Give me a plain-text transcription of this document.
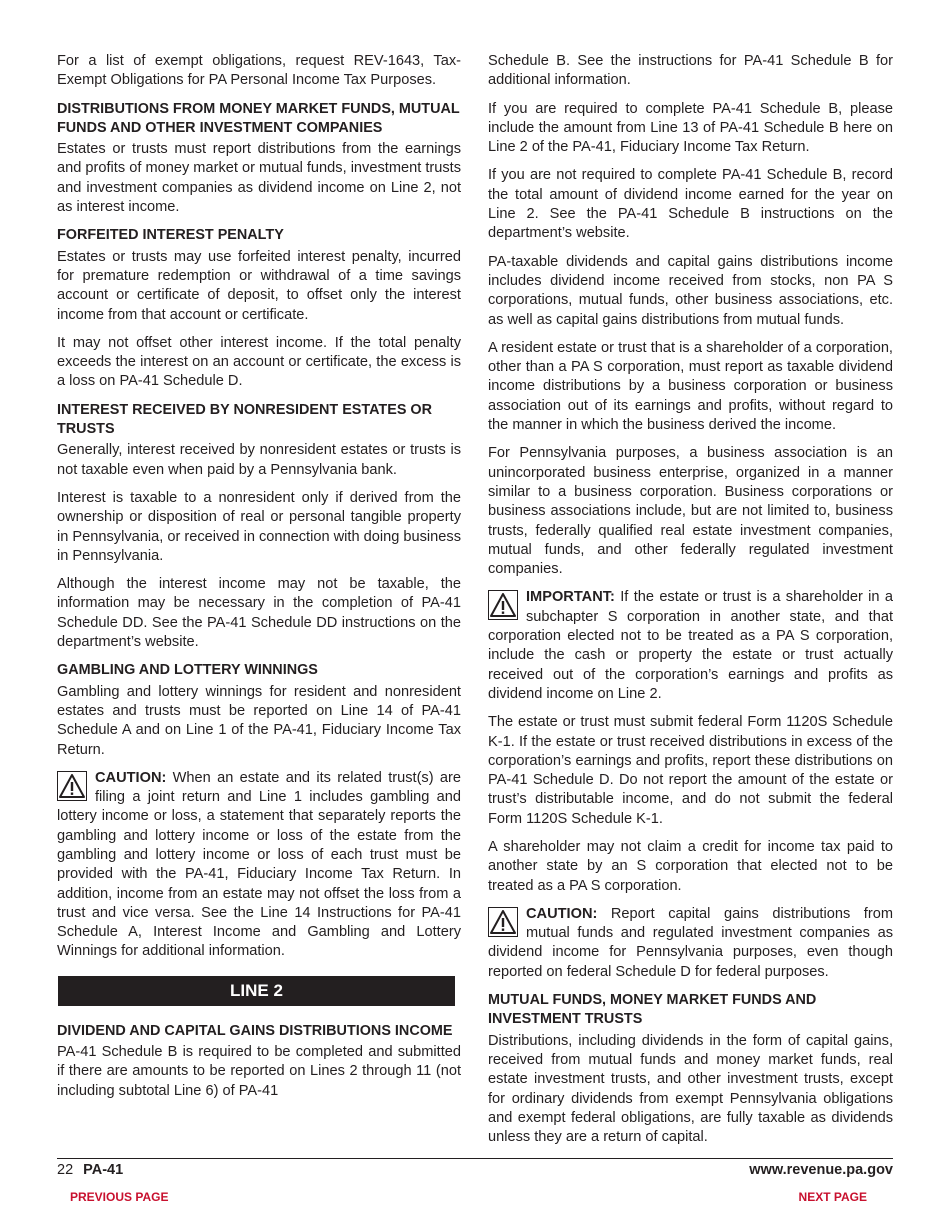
For a list of exempt obligations, request REV-1643, Tax-Exempt Obligations for PA Personal Income Tax Purposes.

DISTRIBUTIONS FROM MONEY MARKET FUNDS, MUTUAL FUNDS AND OTHER INVESTMENT COMPANIES

Estates or trusts must report distributions from the earnings and profits of money market or mutual funds, investment trusts and investment companies as dividend income on Line 2, not as interest income.

FORFEITED INTEREST PENALTY

Estates or trusts may use forfeited interest penalty, incurred for premature redemption or withdrawal of a time savings account or certificate of deposit, to offset only the interest income from that account or certificate.

It may not offset other interest income. If the total penalty exceeds the interest on an account or certificate, the excess is a loss on PA-41 Schedule D.

INTEREST RECEIVED BY NONRESIDENT ESTATES OR TRUSTS

Generally, interest received by nonresident estates or trusts is not taxable even when paid by a Pennsylvania bank.

Interest is taxable to a nonresident only if derived from the ownership or disposition of real or personal tangible property in Pennsylvania, or received in connection with doing business in Pennsylvania.

Although the interest income may not be taxable, the information may be necessary in the completion of PA-41 Schedule DD. See the PA-41 Schedule DD instructions on the department’s website.

GAMBLING AND LOTTERY WINNINGS

Gambling and lottery winnings for resident and nonresident estates and trusts must be reported on Line 14 of PA-41 Schedule A and on Line 1 of the PA-41, Fiduciary Income Tax Return.

CAUTION: When an estate and its related trust(s) are filing a joint return and Line 1 includes gambling and lottery income or loss, a statement that separately reports the gambling and lottery income or loss of the estate from the gambling and lottery income or loss of each trust must be provided with the PA-41, Fiduciary Income Tax Return. In addition, income from an estate may not offset the loss from a trust and vice versa. See the Line 14 Instructions for PA-41 Schedule A, Interest Income and Gambling and Lottery Winnings for additional information.
LINE 2
DIVIDEND AND CAPITAL GAINS DISTRIBUTIONS INCOME

PA-41 Schedule B is required to be completed and submitted if there are amounts to be reported on Lines 2 through 11 (not including subtotal Line 6) of PA-41

Schedule B. See the instructions for PA-41 Schedule B for additional information.

If you are required to complete PA-41 Schedule B, please include the amount from Line 13 of PA-41 Schedule B here on Line 2 of the PA-41, Fiduciary Income Tax Return.

If you are not required to complete PA-41 Schedule B, record the total amount of dividend income earned for the year on Line 2. See the PA-41 Schedule B instructions on the department’s website.

PA-taxable dividends and capital gains distributions income includes dividend income received from stocks, non PA S corporations, mutual funds, other business associations, etc. as well as capital gains distributions from mutual funds.

A resident estate or trust that is a shareholder of a corporation, other than a PA S corporation, must report as taxable dividend income distributions by a business corporation or business association out of its earnings and profits, without regard to the manner in which the business derived the income.

For Pennsylvania purposes, a business association is an unincorporated business enterprise, organized in a manner similar to a business corporation. Business corporations or business associations include, but are not limited to, business trusts, federally qualified real estate investment companies, mutual funds, and other federally regulated investment companies.

IMPORTANT: If the estate or trust is a shareholder in a subchapter S corporation in another state, and that corporation elected not to be treated as a PA S corporation, include the cash or property the estate or trust actually received out of the corporation’s earnings and profits as dividend income on Line 2.

The estate or trust must submit federal Form 1120S Schedule K-1. If the estate or trust received distributions in excess of the corporation’s earnings and profits, report these distributions on PA-41 Schedule D. Do not report the amount of the estate or trust’s distributable income, and do not submit the federal Form 1120S Schedule K-1.

A shareholder may not claim a credit for income tax paid to another state by an S corporation that elected not to be treated as a PA S corporation.

CAUTION: Report capital gains distributions from mutual funds and regulated investment companies as dividend income for Pennsylvania purposes, even though reported on federal Schedule D for federal purposes.
MUTUAL FUNDS, MONEY MARKET FUNDS AND INVESTMENT TRUSTS

Distributions, including dividends in the form of capital gains, received from mutual funds and money market funds, real estate investment trusts, and other investment trusts, except for ordinary dividends from exempt Pennsylvania obligations and exempt federal obligations, are fully taxable as dividends unless they are a return of capital.

22 PA-41	www.revenue.pa.gov
PREVIOUS PAGE	NEXT PAGE
